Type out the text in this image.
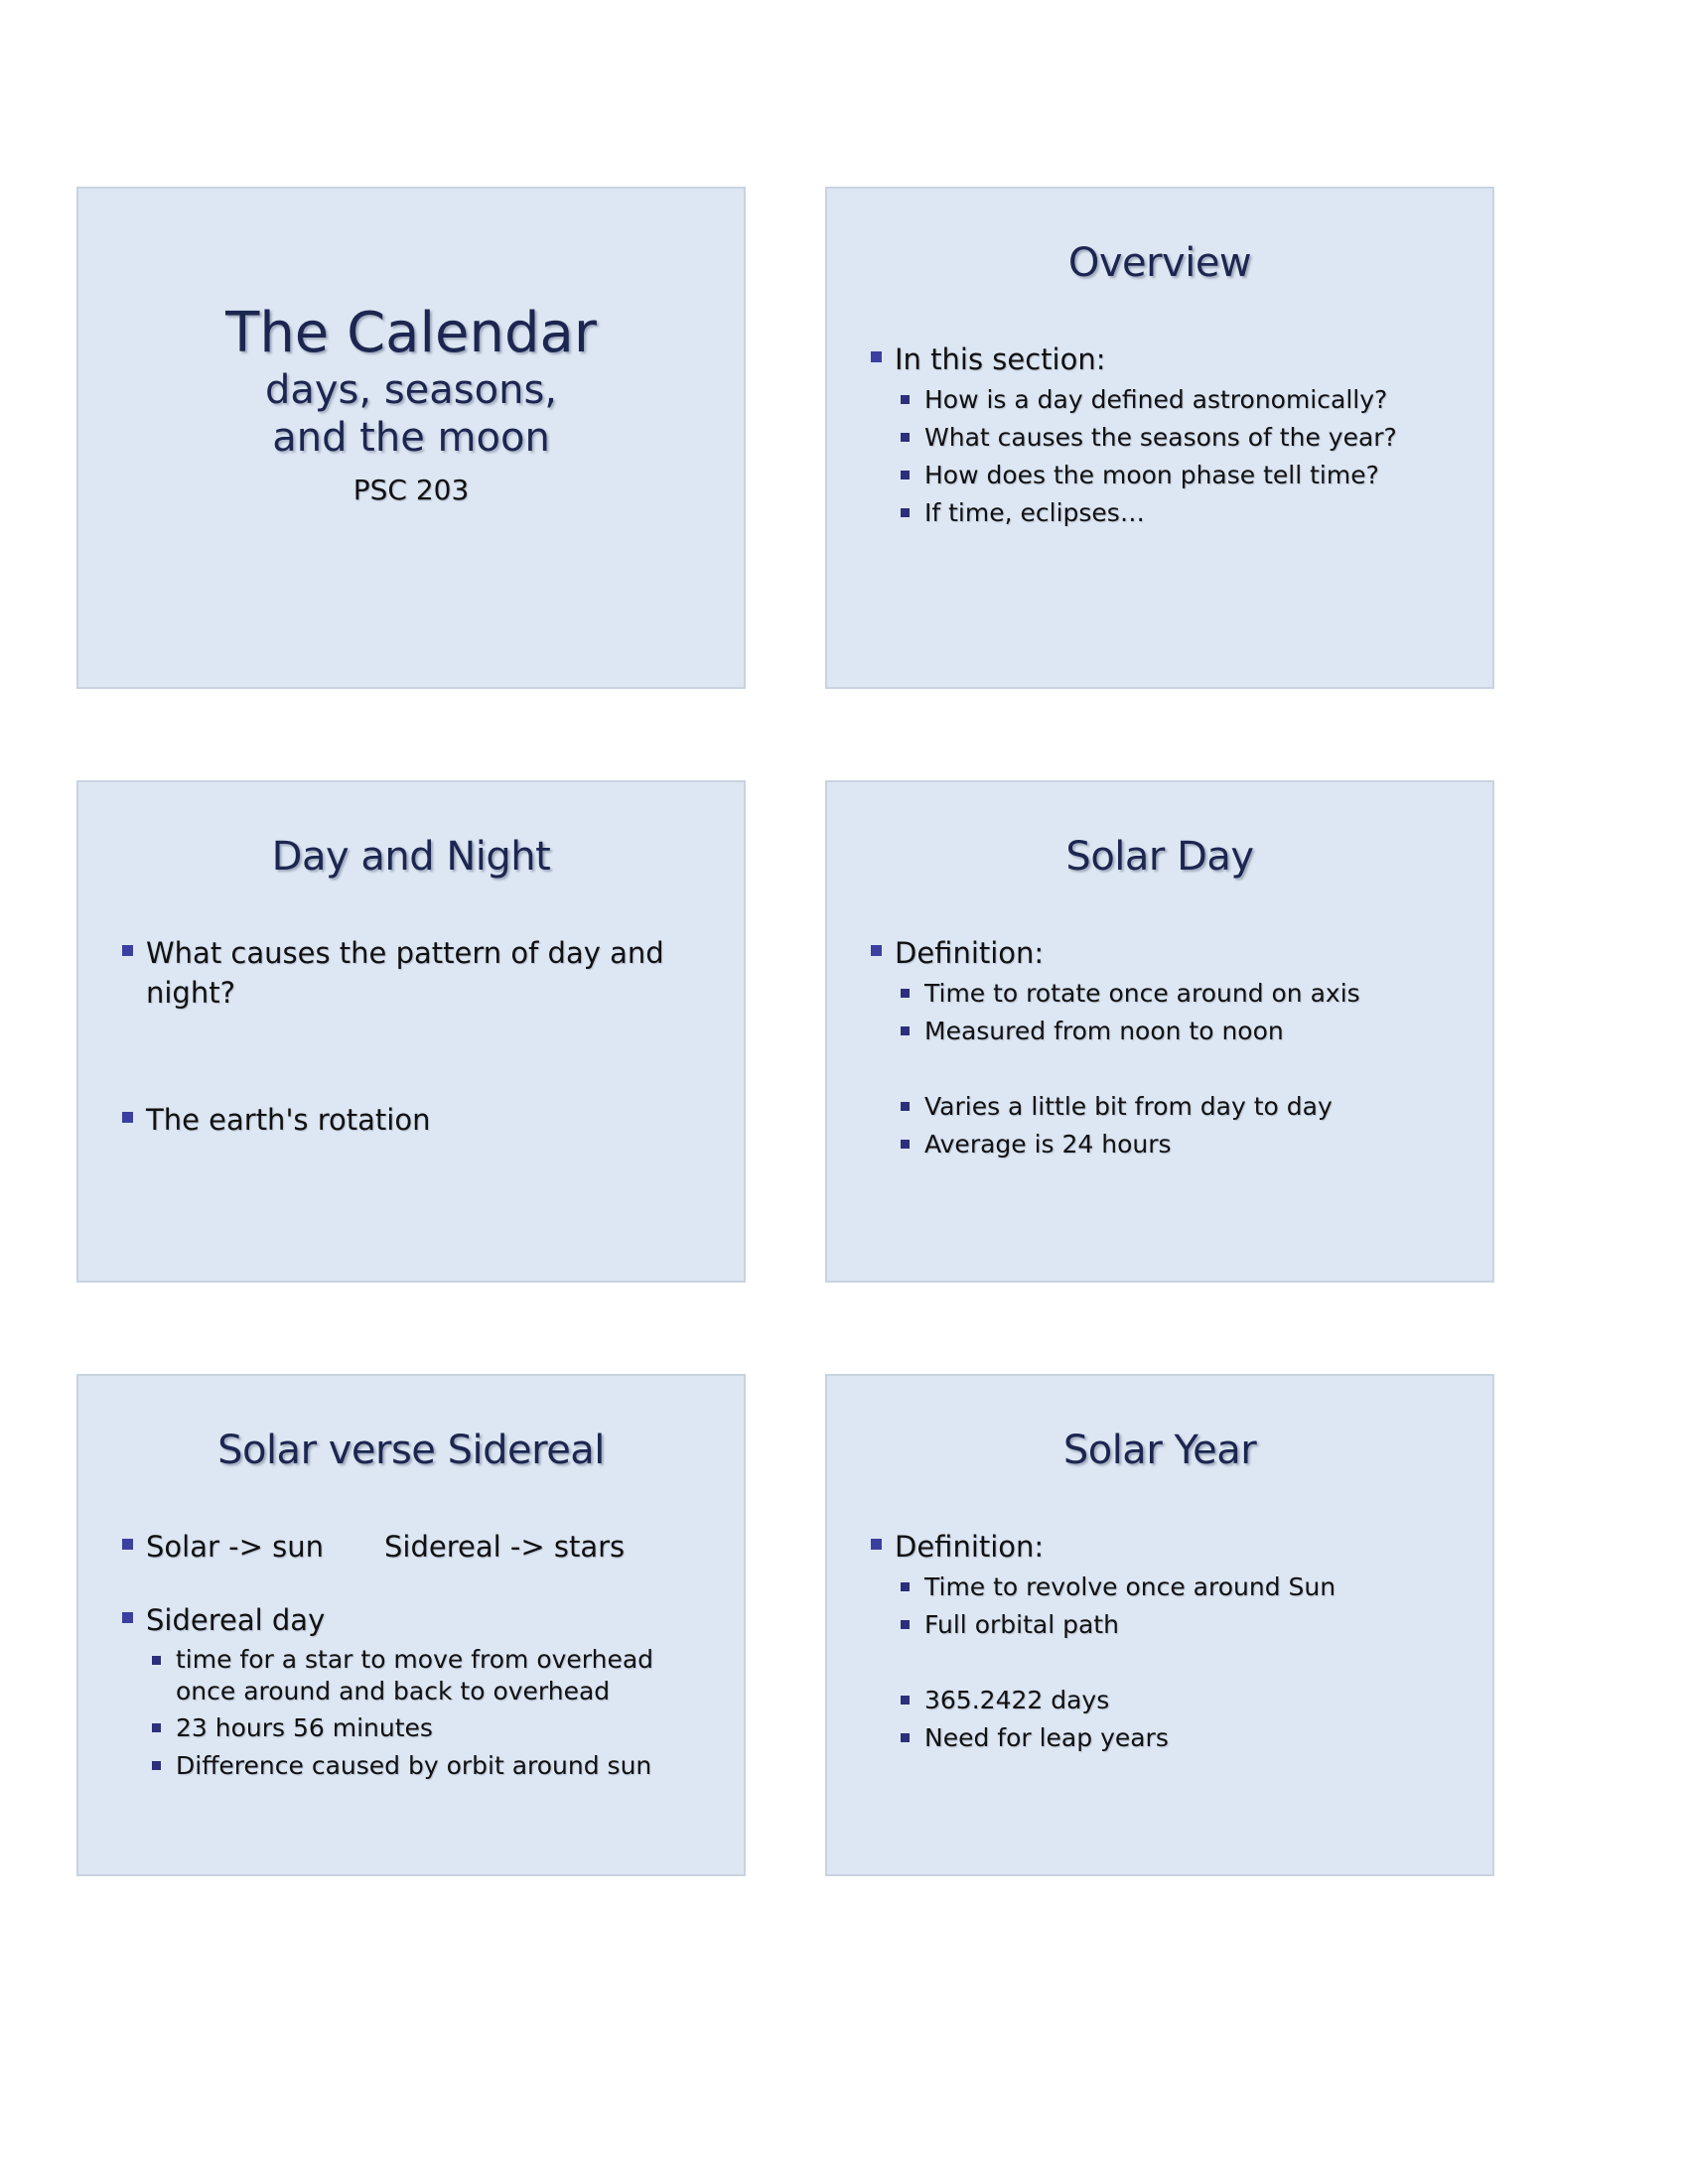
The Calendar
days, seasons,
and the moon
PSC 203
Overview
In this section:
How is a day defined astronomically?
What causes the seasons of the year?
How does the moon phase tell time?
If time, eclipses…
Day and Night
What causes the pattern of day and night?
The earth's rotation
Solar Day
Definition:
Time to rotate once around on axis
Measured from noon to noon
Varies a little bit from day to day
Average is 24 hours
Solar verse Sidereal
Solar -> sun Sidereal -> stars
Sidereal day
time for a star to move from overhead once around and back to overhead
23 hours 56 minutes
Difference caused by orbit around sun
Solar Year
Definition:
Time to revolve once around Sun
Full orbital path
365.2422 days
Need for leap years
